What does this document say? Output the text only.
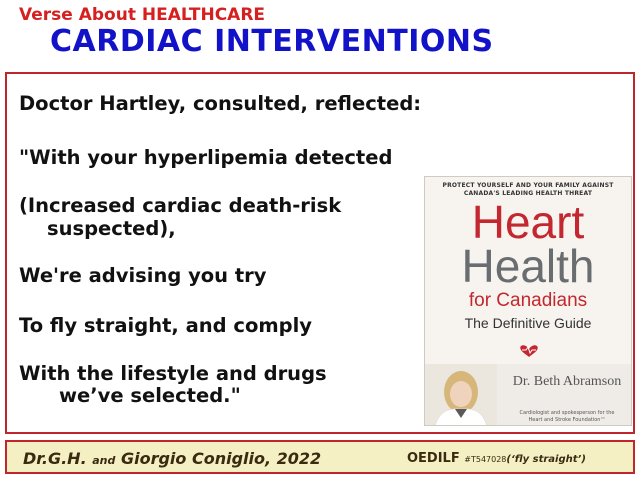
Verse About HEALTHCARE
CARDIAC INTERVENTIONS
Doctor Hartley, consulted, reflected:
"With your hyperlipemia detected
(Increased cardiac death-risk
suspected),
We're advising you try
To fly straight, and comply
With the lifestyle and drugs
we’ve selected."
PROTECT YOURSELF AND YOUR FAMILY AGAINST
CANADA'S LEADING HEALTH THREAT
Heart
Health
for Canadians
The Definitive Guide
Dr. Beth Abramson
Cardiologist and spokesperson for the
Heart and Stroke Foundation™
Dr.G.H. and Giorgio Coniglio, 2022	OEDILF #T547028(‘fly straight’)
